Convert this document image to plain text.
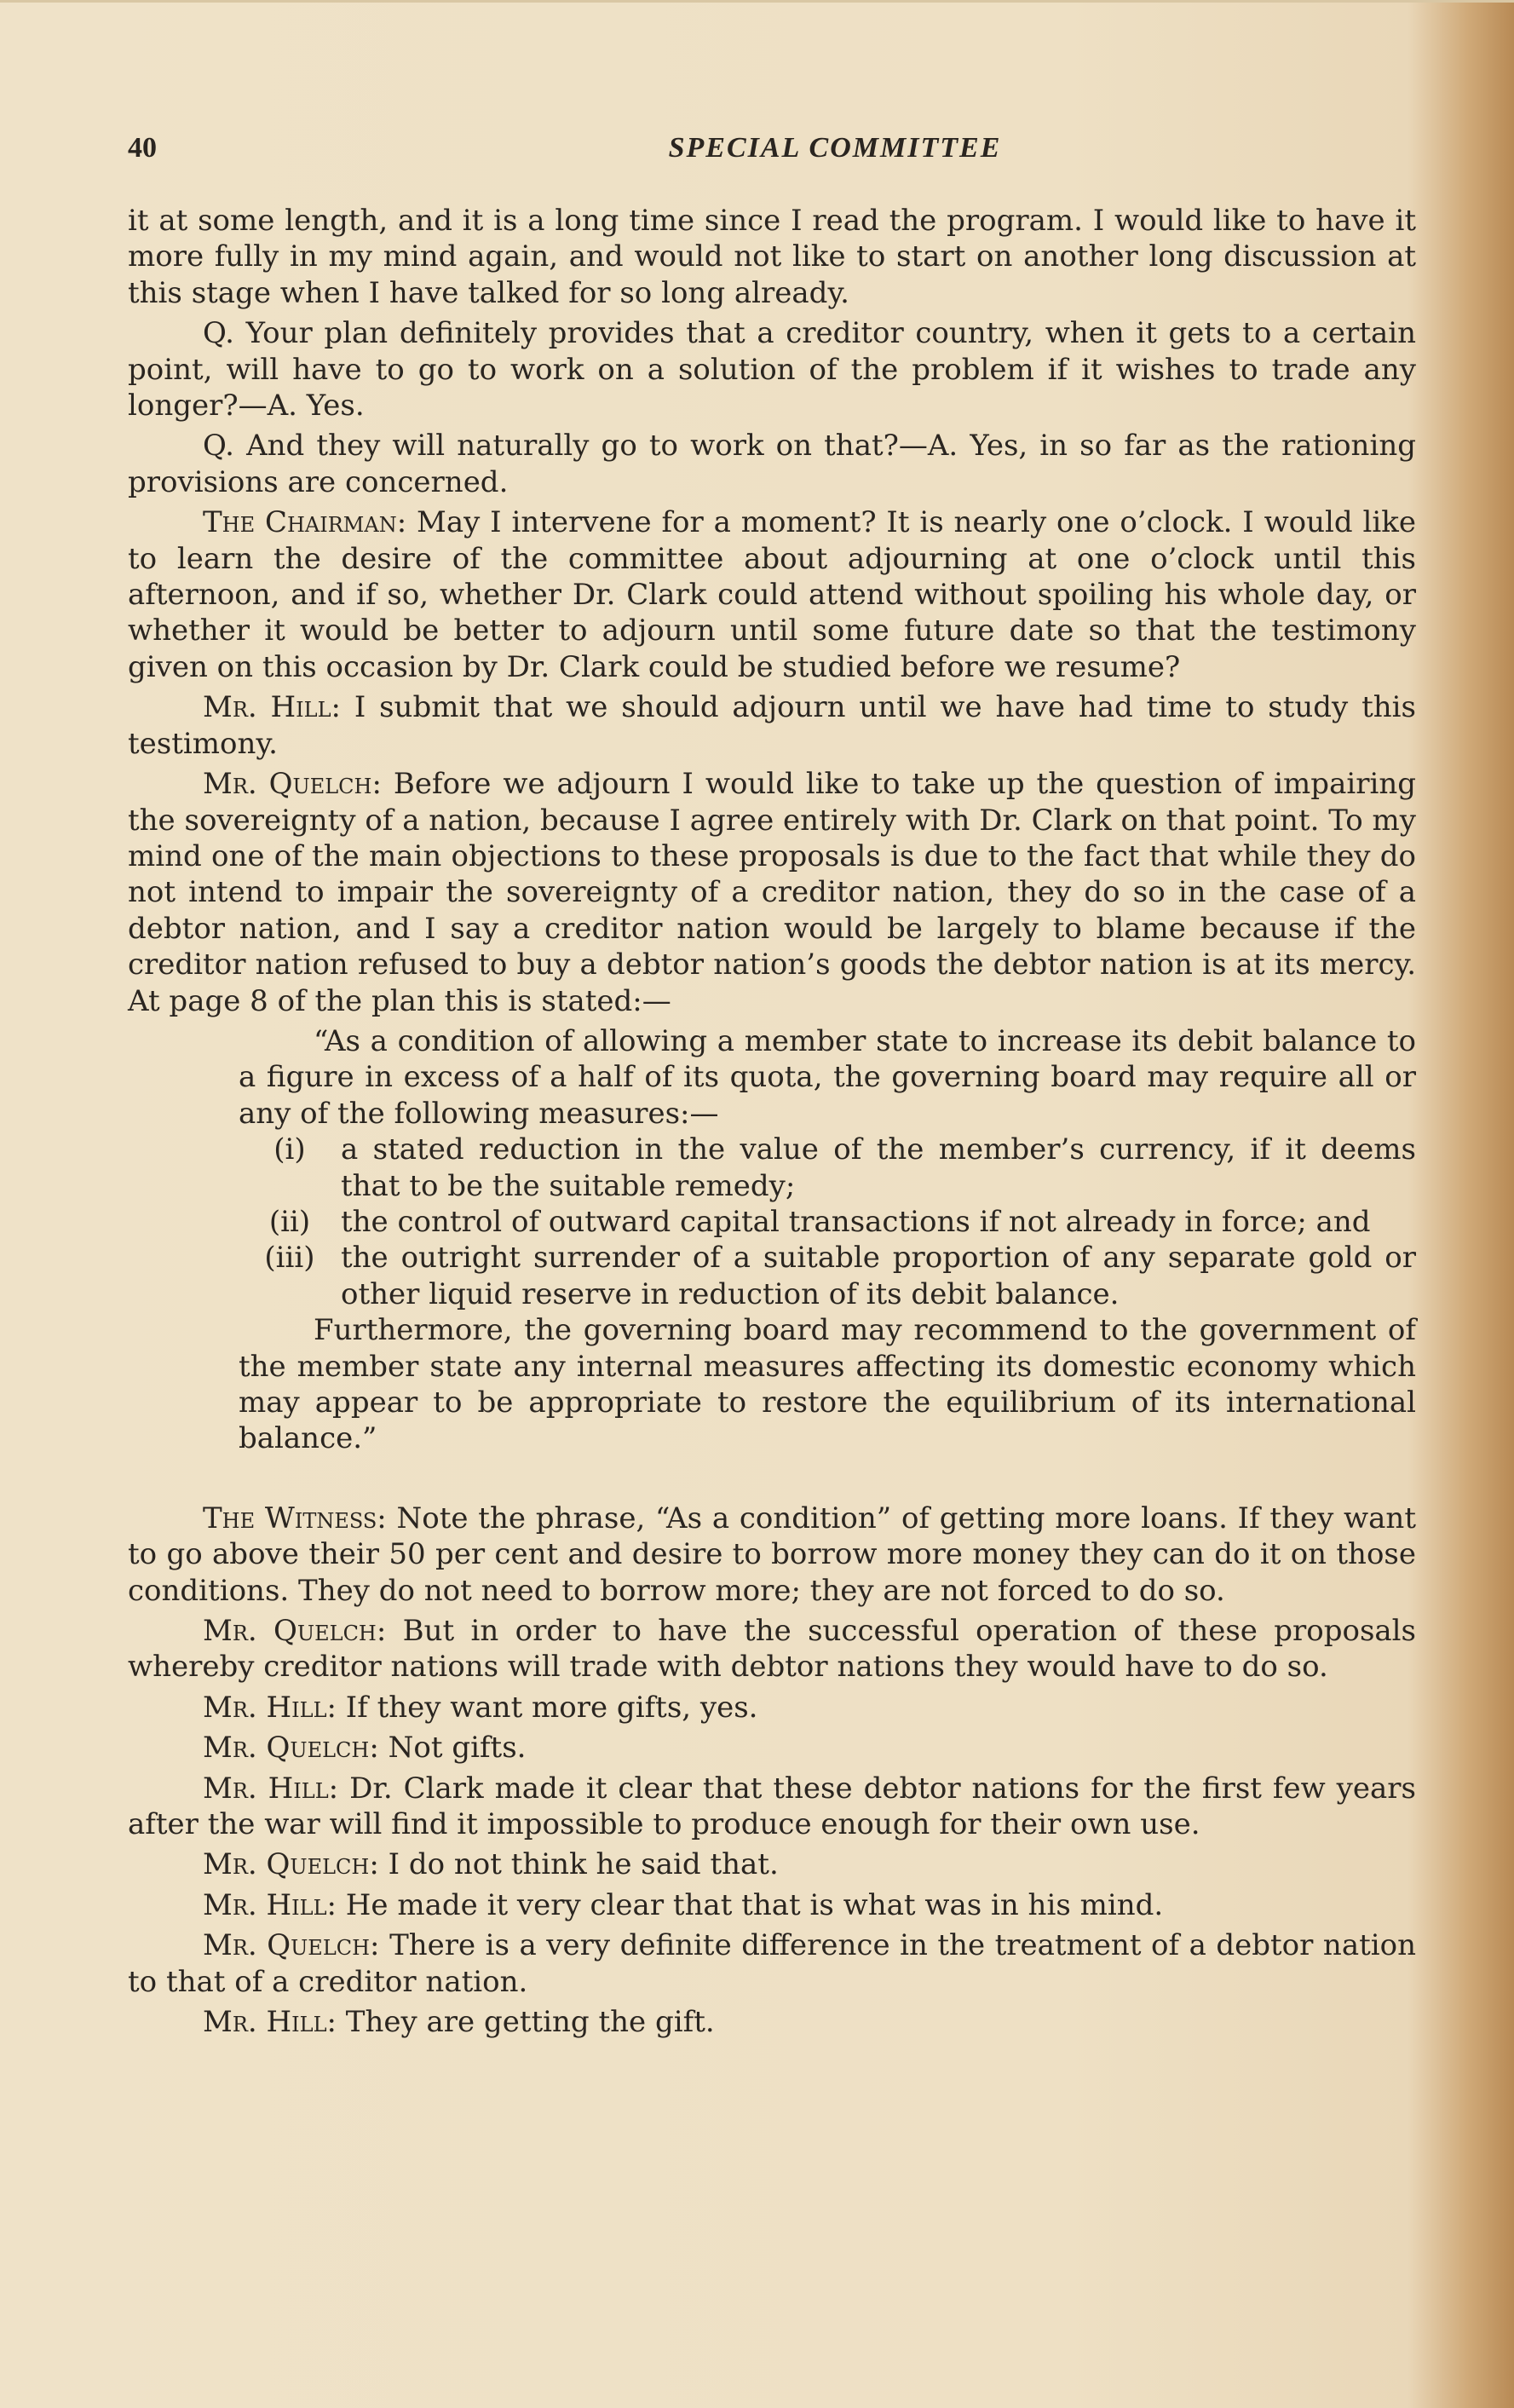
40	SPECIAL COMMITTEE

it at some length, and it is a long time since I read the program. I would like to have it more fully in my mind again, and would not like to start on another long discussion at this stage when I have talked for so long already.

Q. Your plan definitely provides that a creditor country, when it gets to a certain point, will have to go to work on a solution of the problem if it wishes to trade any longer?—A. Yes.

Q. And they will naturally go to work on that?—A. Yes, in so far as the rationing provisions are concerned.

The Chairman: May I intervene for a moment? It is nearly one o’clock. I would like to learn the desire of the committee about adjourning at one o’clock until this afternoon, and if so, whether Dr. Clark could attend without spoiling his whole day, or whether it would be better to adjourn until some future date so that the testimony given on this occasion by Dr. Clark could be studied before we resume?

Mr. Hill: I submit that we should adjourn until we have had time to study this testimony.

Mr. Quelch: Before we adjourn I would like to take up the question of impairing the sovereignty of a nation, because I agree entirely with Dr. Clark on that point. To my mind one of the main objections to these proposals is due to the fact that while they do not intend to impair the sovereignty of a creditor nation, they do so in the case of a debtor nation, and I say a creditor nation would be largely to blame because if the creditor nation refused to buy a debtor nation’s goods the debtor nation is at its mercy. At page 8 of the plan this is stated:—

“As a condition of allowing a member state to increase its debit balance to a figure in excess of a half of its quota, the governing board may require all or any of the following measures:—

(i)	a stated reduction in the value of the member’s currency, if it deems that to be the suitable remedy;
(ii)	the control of outward capital transactions if not already in force; and
(iii) the outright surrender of a suitable proportion of any separate gold or other liquid reserve in reduction of its debit balance.

Furthermore, the governing board may recommend to the government of the member state any internal measures affecting its domestic economy which may appear to be appropriate to restore the equilibrium of its international balance.”

The Witness: Note the phrase, “As a condition” of getting more loans. If they want to go above their 50 per cent and desire to borrow more money they can do it on those conditions. They do not need to borrow more; they are not forced to do so.

Mr. Quelch: But in order to have the successful operation of these proposals whereby creditor nations will trade with debtor nations they would have to do so.

Mr. Hill: If they want more gifts, yes.

Mr. Quelch: Not gifts.

Mr. Hill: Dr. Clark made it clear that these debtor nations for the first few years after the war will find it impossible to produce enough for their own use.

Mr. Quelch: I do not think he said that.

Mr. Hill: He made it very clear that that is what was in his mind.

Mr. Quelch: There is a very definite difference in the treatment of a debtor nation to that of a creditor nation.

Mr. Hill: They are getting the gift.
